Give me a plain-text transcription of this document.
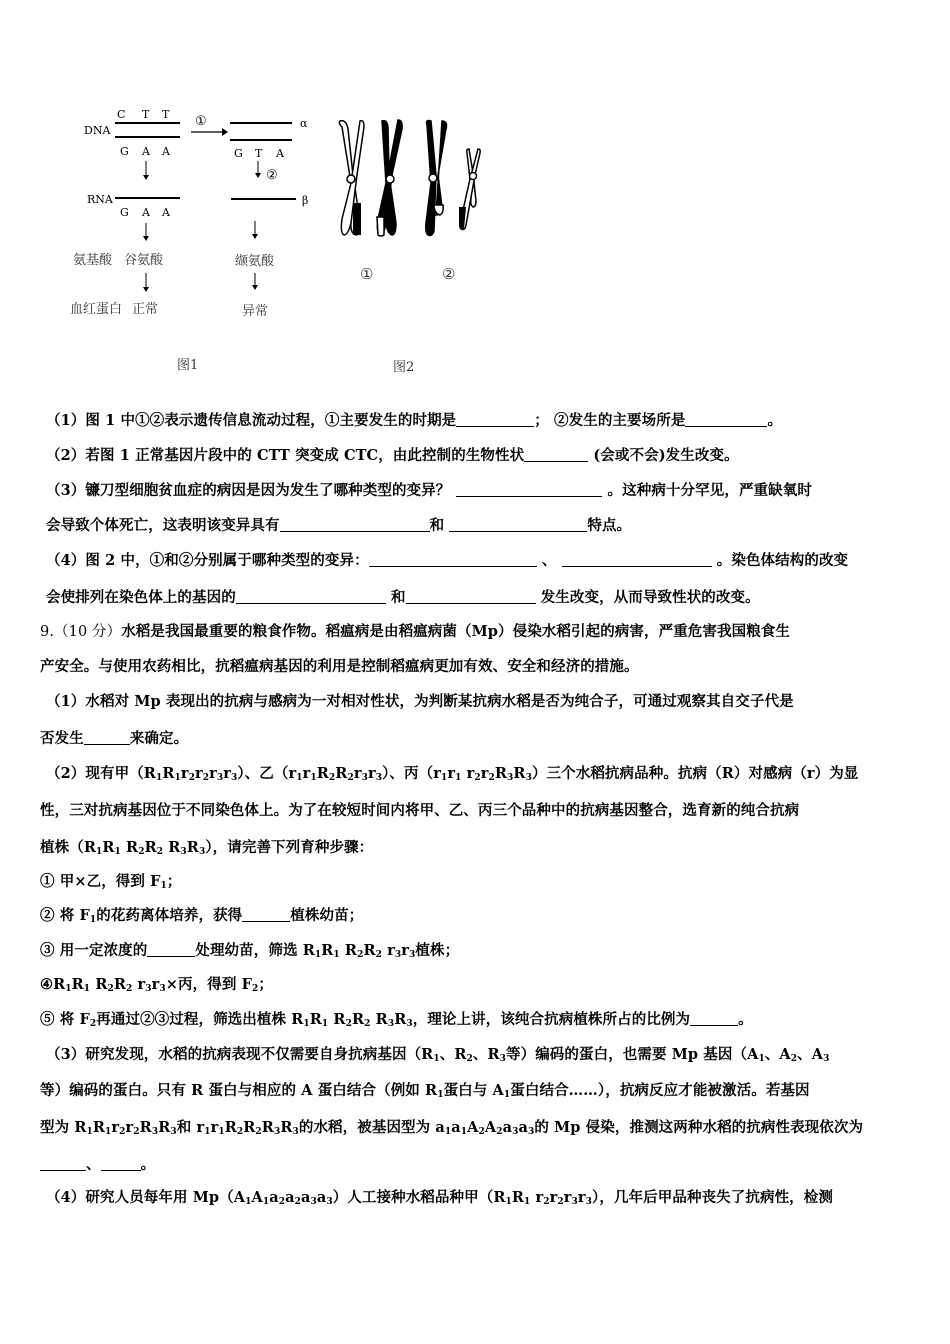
DNA
C T T
G A A
①	α
G T A
②
RNA
G A A
β
氨基酸 谷氨酸	缬氨酸
血红蛋白 正常	异常
图1
①	②
图2
（1）图 1 中①②表示遗传信息流动过程，①主要发生的时期是	； ②发生的主要场所是	。
（2）若图 1 正常基因片段中的 CTT 突变成 CTC，由此控制的生物性状	(会或不会)发生改变。
（3）镰刀型细胞贫血症的病因是因为发生了哪种类型的变异？	。这种病十分罕见，严重缺氧时
会导致个体死亡，这表明该变异具有	和	特点。
（4）图 2 中，①和②分别属于哪种类型的变异：	、	。染色体结构的改变
会使排列在染色体上的基因的	和	发生改变，从而导致性状的改变。
9.（10 分）水稻是我国最重要的粮食作物。稻瘟病是由稻瘟病菌（Mp）侵染水稻引起的病害，严重危害我国粮食生
产安全。与使用农药相比，抗稻瘟病基因的利用是控制稻瘟病更加有效、安全和经济的措施。
（1）水稻对 Mp 表现出的抗病与感病为一对相对性状，为判断某抗病水稻是否为纯合子，可通过观察其自交子代是
否发生	来确定。
（2）现有甲$(R_1R_1r_2r_2r_3r_3)$、乙$(r_1r_1R_2R_2r_3r_3)$、丙（$r_1r_1$ $r_2r_2R_3R_3$）三个水稻抗病品种。抗病（R）对感病（r）为显
性，三对抗病基因位于不同染色体上。为了在较短时间内将甲、乙、丙三个品种中的抗病基因整合，选育新的纯合抗病
植株（$R_1R_1$ $R_2R_2$ $R_3R_3$），请完善下列育种步骤：
① 甲×乙，得到 $F_1$；
② 将 $F_1$的花药离体培养，获得	植株幼苗；
③ 用一定浓度的	处理幼苗，筛选 $R_1R_1$ $R_2R_2$ $r_3r_3$植株；
$④R_1R_1$ $R_2R_2$ $r_3r_3\times$丙，得到 $F_2$；
⑤ 将 $F_2$再通过②③过程，筛选出植株 $R_1R_1$ $R_2R_2$ $R_3R_3$，理论上讲，该纯合抗病植株所占的比例为	。
（3）研究发现，水稻的抗病表现不仅需要自身抗病基因（$R_1$、$R_2$、$R_3$等）编码的蛋白，也需要 Mp 基因（$A_1$、$A_2$、$A_3$
等）编码的蛋白。只有 R 蛋白与相应的 A 蛋白结合（例如 $R_1$蛋白与 $A_1$蛋白结合……），抗病反应才能被激活。若基因
型为 $R_1R_1r_2r_2R_3R_3$和 $r_1r_1R_2R_2R_3R_3$的水稻，被基因型为 $a_1a_1A_2A_2a_3a_3$的 Mp 侵染，推测这两种水稻的抗病性表现依次为
、	。
（4）研究人员每年用 $Mp(A_1A_1a_2a_2a_3a_3)$人工接种水稻品种甲（$R_1R_1$ $r_2r_2r_3r_3$），几年后甲品种丧失了抗病性，检测
